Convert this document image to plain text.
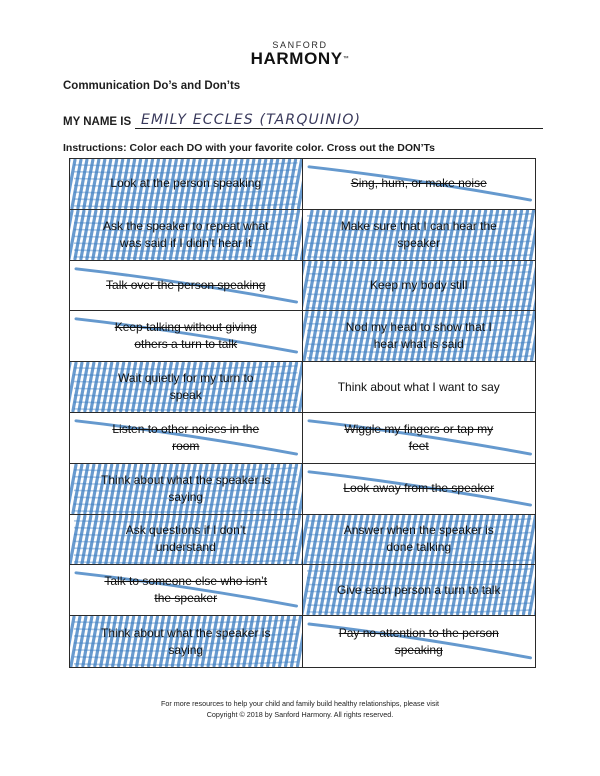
SANFORD
HARMONY™
Communication Do’s and Don’ts
MY NAME IS EMILY ECCLES (TARQUINIO)
Instructions: Color each DO with your favorite color. Cross out the DON’Ts
Look at the person speaking	Sing, hum, or make noise
Ask the speaker to repeat what was said if I didn’t hear it
Make sure that I can hear the speaker
Talk over the person speaking	Keep my body still
Keep talking without giving others a turn to talk
Nod my head to show that I hear what is said
Wait quietly for my turn to speak
Think about what I want to say
Listen to other noises in the room
Wiggle my fingers or tap my feet
Think about what the speaker is saying
Look away from the speaker
Ask questions if I don’t understand
Answer when the speaker is done talking
Talk to someone else who isn’t the speaker
Give each person a turn to talk
Think about what the speaker is saying
Pay no attention to the person speaking
For more resources to help your child and family build healthy relationships, please visit
Copyright © 2018 by Sanford Harmony. All rights reserved.
